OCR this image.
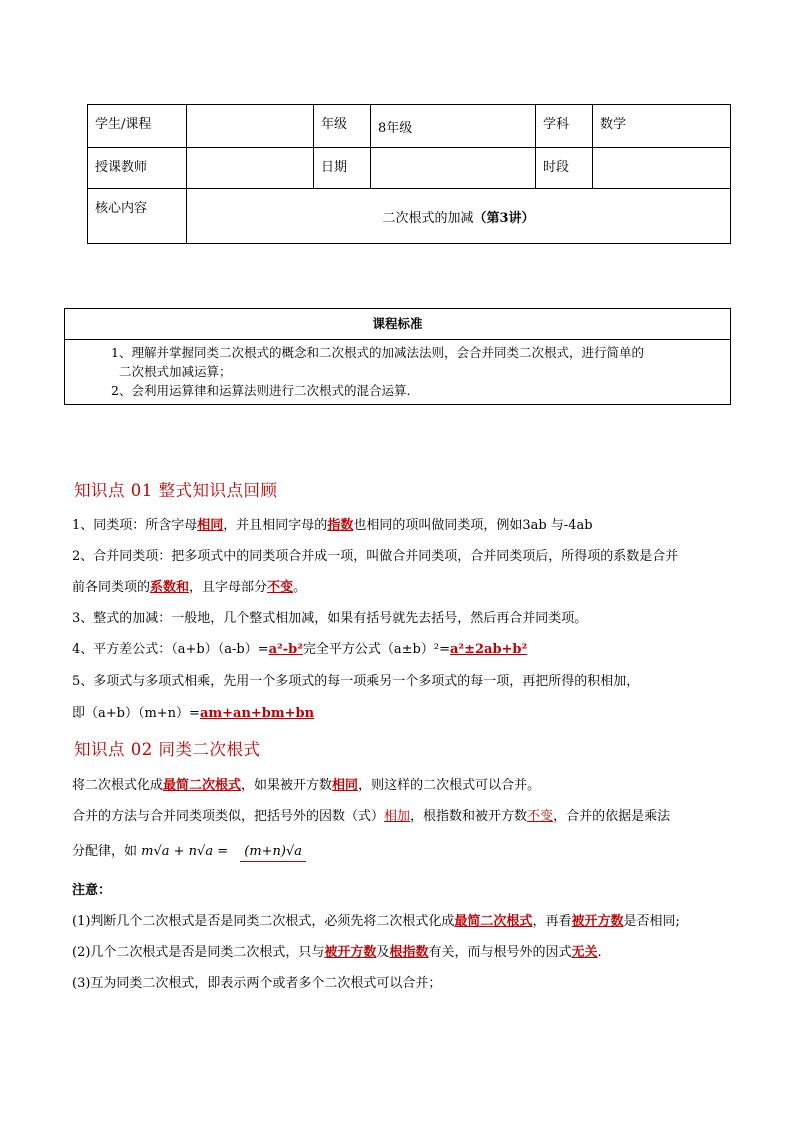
学生/课程		年级	8年级	学科	数学
授课教师		日期		时段	
核心内容	二次根式的加减（第3讲）				
课程标准
1、理解并掌握同类二次根式的概念和二次根式的加减法法则，会合并同类二次根式，进行简单的
二次根式加减运算；
2、会利用运算律和运算法则进行二次根式的混合运算.
知识点 01 整式知识点回顾
1、同类项：所含字母相同，并且相同字母的指数也相同的项叫做同类项，例如3ab 与-4ab
2、合并同类项：把多项式中的同类项合并成一项，叫做合并同类项，合并同类项后，所得项的系数是合并
前各同类项的系数和，且字母部分不变。
3、整式的加减：一般地，几个整式相加减，如果有括号就先去括号，然后再合并同类项。
4、平方差公式：（a+b）（a-b）=a²-b²完全平方公式（a±b）²=a²±2ab+b²
5、多项式与多项式相乘，先用一个多项式的每一项乘另一个多项式的每一项，再把所得的积相加，
即（a+b）（m+n）=am+an+bm+bn
知识点 02 同类二次根式
将二次根式化成最简二次根式，如果被开方数相同，则这样的二次根式可以合并。
合并的方法与合并同类项类似，把括号外的因数（式）相加，根指数和被开方数不变，合并的依据是乘法
分配律，如 m√a + n√a = (m+n)√a
注意：
(1)判断几个二次根式是否是同类二次根式，必须先将二次根式化成最简二次根式，再看被开方数是否相同;
(2)几个二次根式是否是同类二次根式，只与被开方数及根指数有关，而与根号外的因式无关.
(3)互为同类二次根式，即表示两个或者多个二次根式可以合并；
